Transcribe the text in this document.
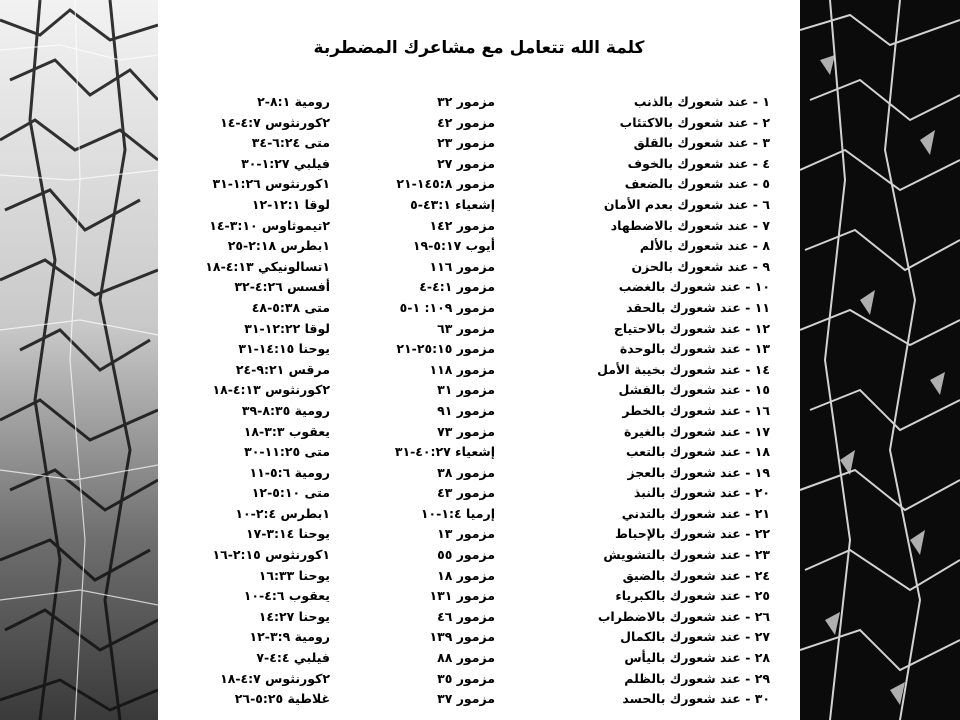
كلمة الله تتعامل مع مشاعرك المضطربة
١ - عند شعورك بالذنب
مزمور ٣٢
رومية ٨:١-٢
٢ - عند شعورك بالاكتئاب
مزمور ٤٢
٢كورنثوس ٤:٧-١٤
٣ - عند شعورك بالقلق
مزمور ٢٣
متى ٦:٢٤-٣٤
٤ - عند شعورك بالخوف
مزمور ٢٧
فيلبي ١:٢٧-٣٠
٥ - عند شعورك بالضعف
مزمور ١٤٥:٨-٢١
١كورنثوس ١:٢٦-٣١
٦ - عند شعورك بعدم الأمان
إشعياء ٤٣:١-٥
لوقا ١٢:١-١٢
٧ - عند شعورك بالاضطهاد
مزمور ١٤٢
٢تيموثاوس ٣:١٠-١٤
٨ - عند شعورك بالألم
أيوب ٥:١٧-١٩
١بطرس ٢:١٨-٢٥
٩ - عند شعورك بالحزن
مزمور ١١٦
١تسالونيكي ٤:١٣-١٨
١٠ - عند شعورك بالغضب
مزمور ٤:١-٤
أفسس ٤:٢٦-٣٢
١١ - عند شعورك بالحقد
مزمور ١٠٩: ١-٥
متى ٥:٣٨-٤٨
١٢ - عند شعورك بالاحتياج
مزمور ٦٣
لوقا ١٢:٢٢-٣١
١٣ - عند شعورك بالوحدة
مزمور ٢٥:١٥-٢١
يوحنا ١٤:١٥-٣١
١٤ - عند شعورك بخيبة الأمل
مزمور ١١٨
مرقس ٩:٢١-٢٤
١٥ - عند شعورك بالفشل
مزمور ٣١
٢كورنثوس ٤:١٣-١٨
١٦ - عند شعورك بالخطر
مزمور ٩١
رومية ٨:٣٥-٣٩
١٧ - عند شعورك بالغيرة
مزمور ٧٣
يعقوب ٣:٣-١٨
١٨ - عند شعورك بالتعب
إشعياء ٤٠:٢٧-٣١
متى ١١:٢٥-٣٠
١٩ - عند شعورك بالعجز
مزمور ٣٨
رومية ٥:٦-١١
٢٠ - عند شعورك بالنبذ
مزمور ٤٣
متى ٥:١٠-١٢
٢١ - عند شعورك بالتدني
إرميا ١:٤-١٠
١بطرس ٢:٤-١٠
٢٢ - عند شعورك بالإحباط
مزمور ١٣
يوحنا ٣:١٤-١٧
٢٣ - عند شعورك بالتشويش
مزمور ٥٥
١كورنثوس ٢:١٥-١٦
٢٤ - عند شعورك بالضيق
مزمور ١٨
يوحنا ١٦:٣٣
٢٥ - عند شعورك بالكبرياء
مزمور ١٣١
يعقوب ٤:٦-١٠
٢٦ - عند شعورك بالاضطراب
مزمور ٤٦
يوحنا ١٤:٢٧
٢٧ - عند شعورك بالكمال
مزمور ١٣٩
رومية ٣:٩-١٢
٢٨ - عند شعورك باليأس
مزمور ٨٨
فيلبي ٤:٤-٧
٢٩ - عند شعورك بالظلم
مزمور ٣٥
٢كورنثوس ٤:٧-١٨
٣٠ - عند شعورك بالحسد
مزمور ٣٧
غلاطية ٥:٢٥-٢٦
